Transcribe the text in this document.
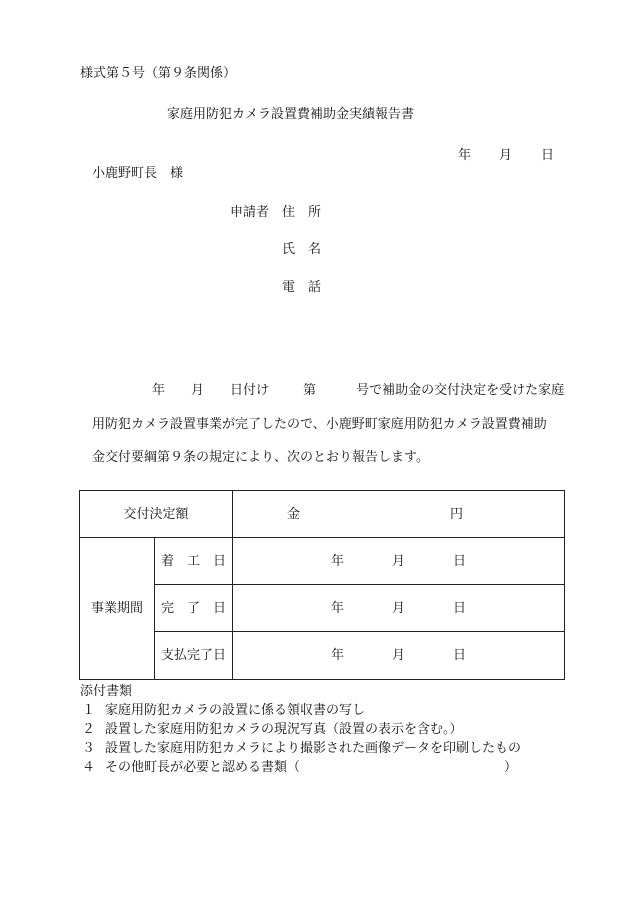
様式第５号（第９条関係）
家庭用防犯カメラ設置費補助金実績報告書
年 月 日
小鹿野町長　様
申請者 住　所
氏　名
電　話
年 月 日付け	第	号で補助金の交付決定を受けた家庭
用防犯カメラ設置事業が完了したので、小鹿野町家庭用防犯カメラ設置費補助
金交付要綱第９条の規定により、次のとおり報告します。
交付決定額		金 円
事業期間	着　工　日	年 月 日
	完　了　日	年 月 日
	支払完了日	年 月 日
添付書類
１ 家庭用防犯カメラの設置に係る領収書の写し
２ 設置した家庭用防犯カメラの現況写真（設置の表示を含む。）
３ 設置した家庭用防犯カメラにより撮影された画像データを印刷したもの
４ その他町長が必要と認める書類（	）
